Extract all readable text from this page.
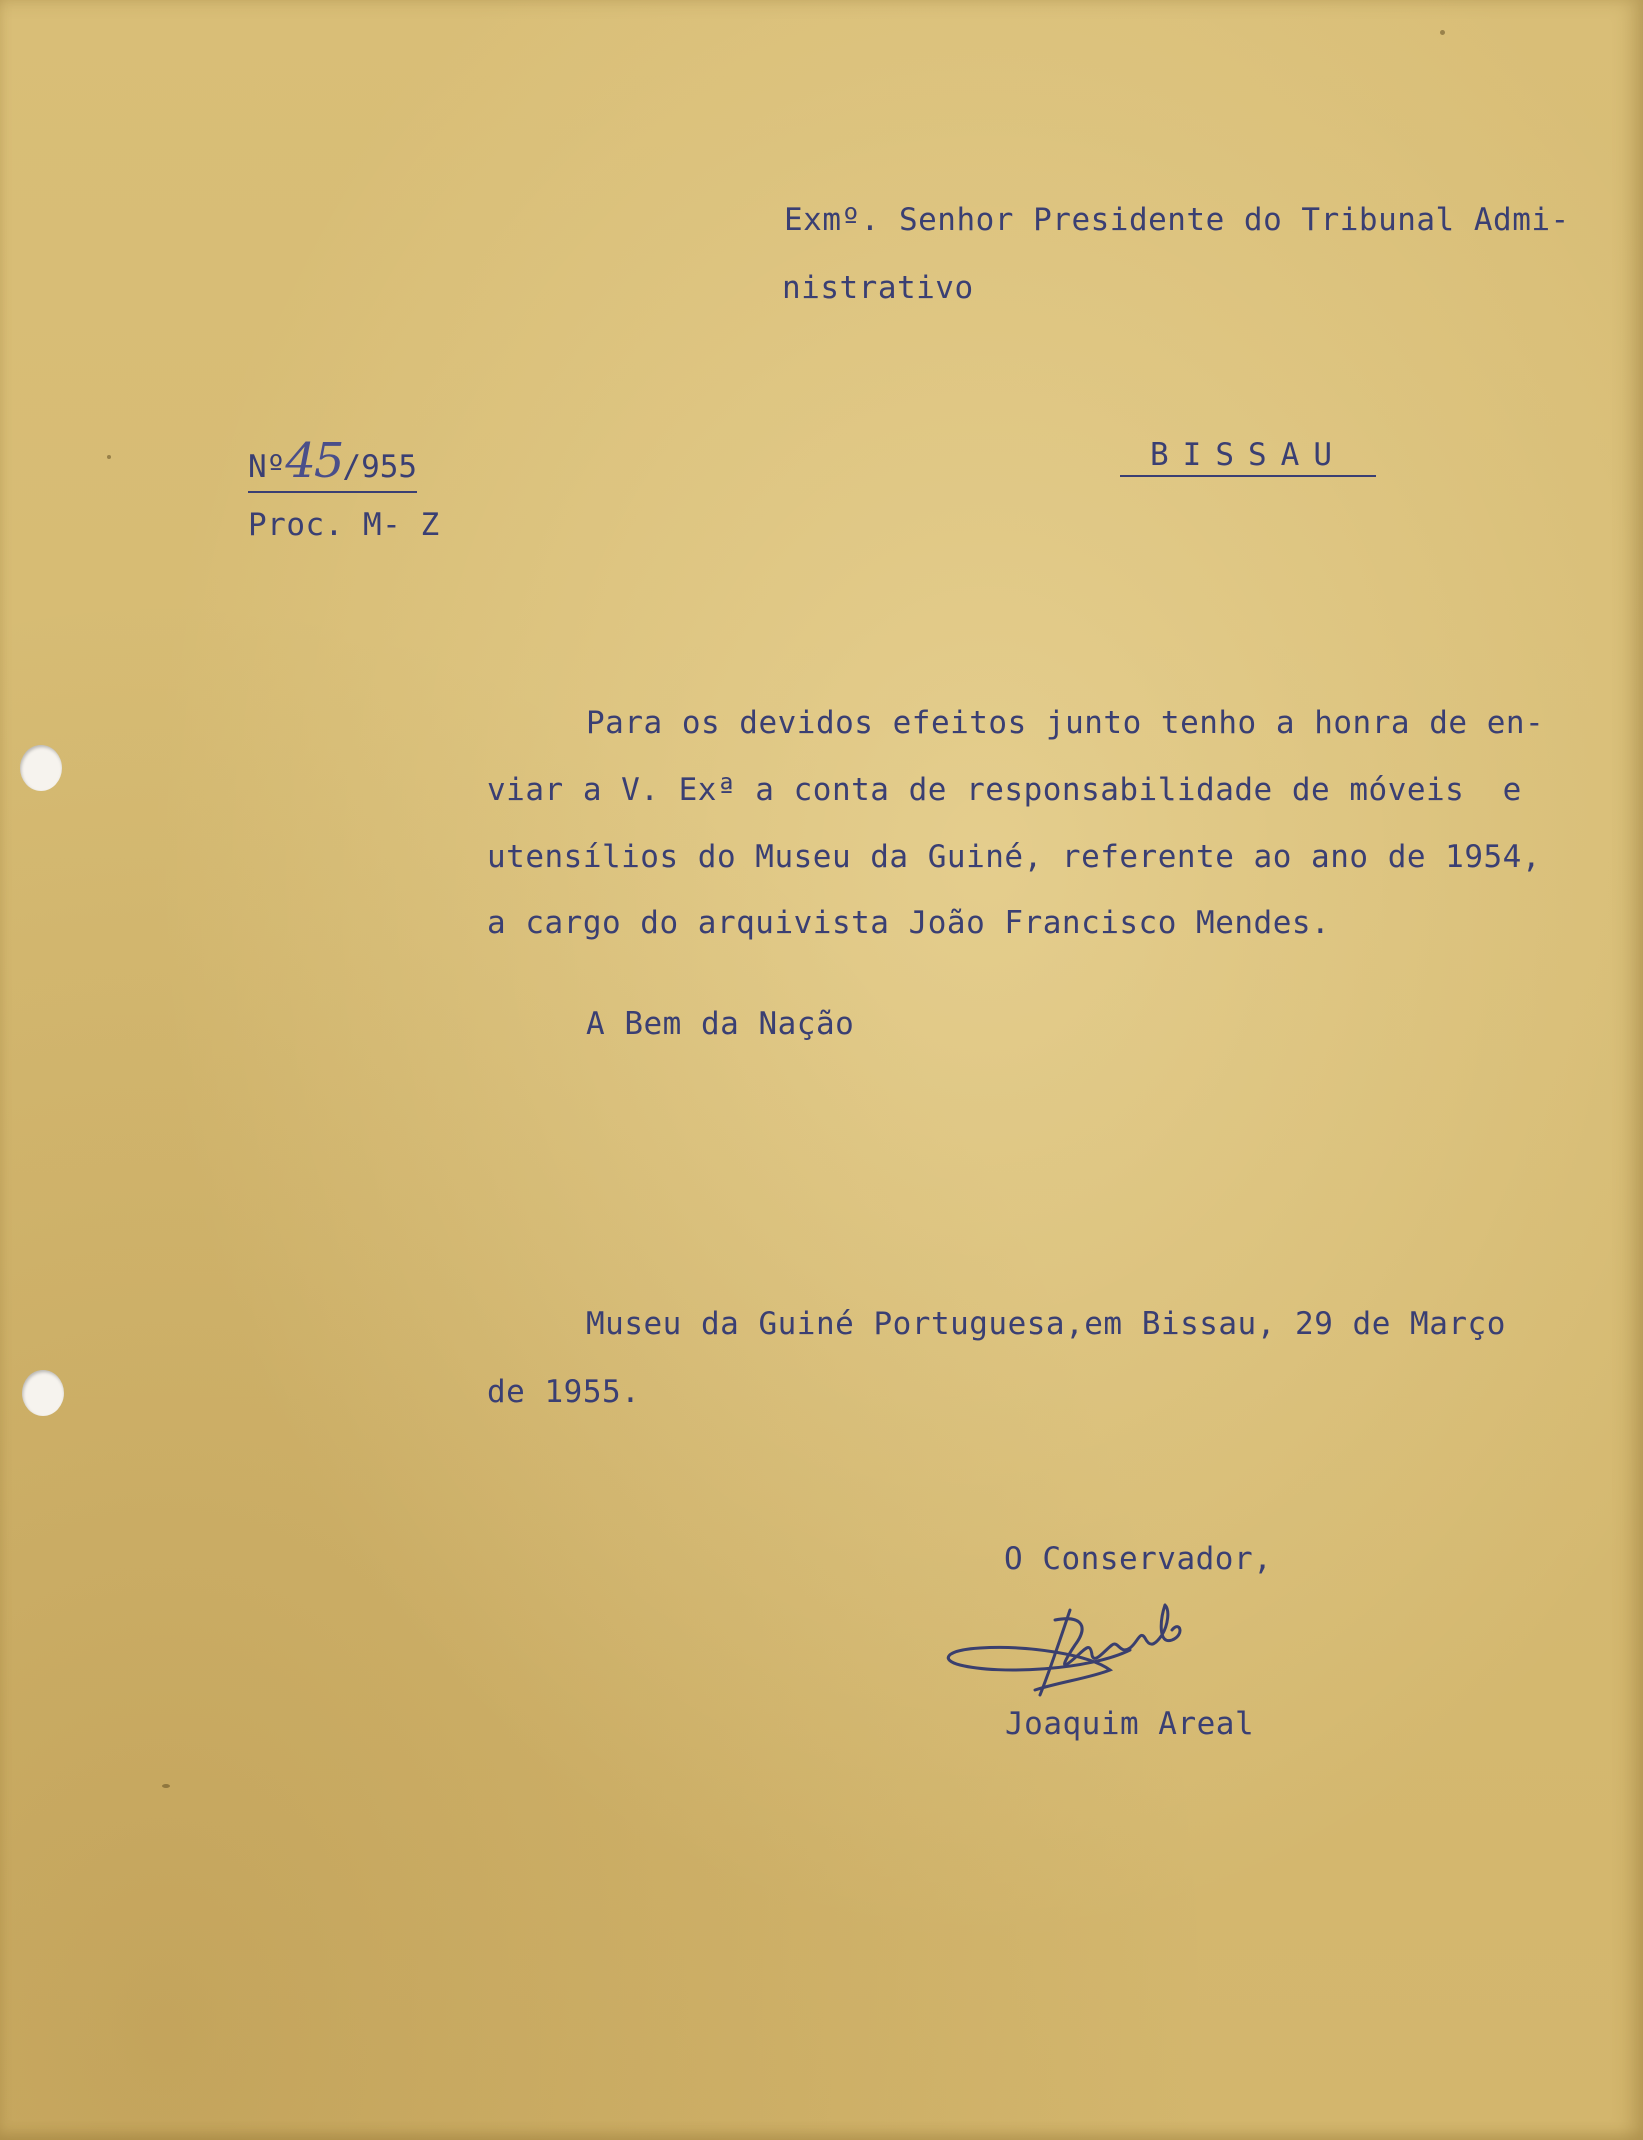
Exmº. Senhor Presidente do Tribunal Admi-
nistrativo
Nº45/955	BISSAU
Proc. M- Z
Para os devidos efeitos junto tenho a honra de en-
viar a V. Exª a conta de responsabilidade de móveis  e
utensílios do Museu da Guiné, referente ao ano de 1954,
a cargo do arquivista João Francisco Mendes.
A Bem da Nação
Museu da Guiné Portuguesa,em Bissau, 29 de Março
de 1955.
O Conservador,
Joaquim Areal
